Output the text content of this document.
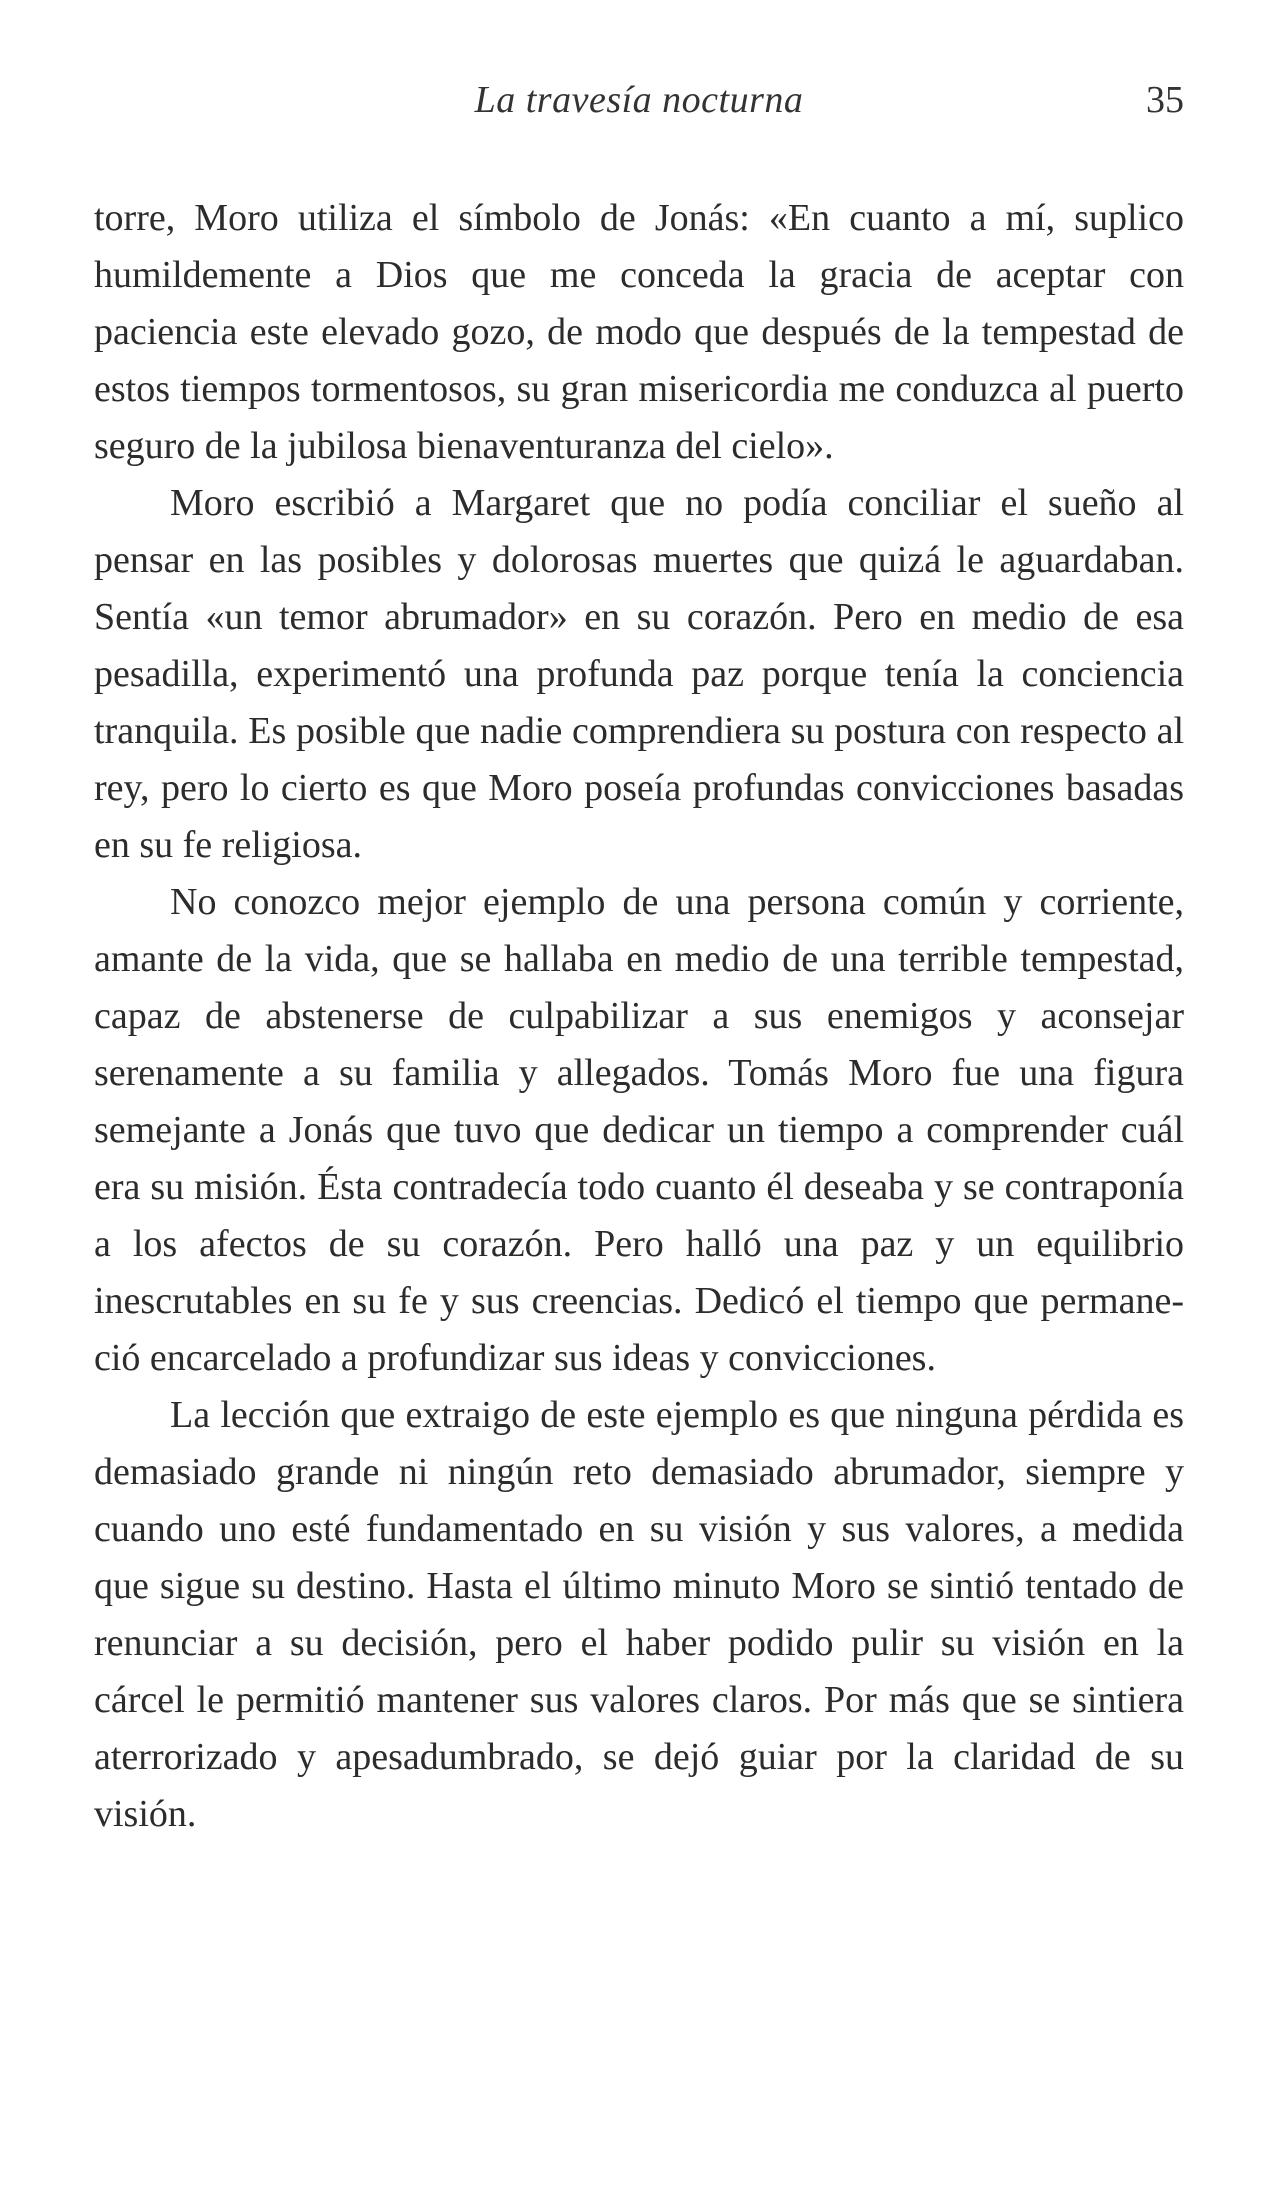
La travesía nocturna	35

torre, Moro utiliza el símbolo de Jonás: «En cuanto a mí, suplico humildemente a Dios que me conceda la gracia de aceptar con paciencia este elevado gozo, de modo que después de la tempestad de estos tiempos tormentosos, su gran misericordia me conduzca al puerto seguro de la jubilosa bienaventuranza del cielo».

Moro escribió a Margaret que no podía conciliar el sueño al pensar en las posibles y dolorosas muertes que quizá le aguardaban. Sentía «un temor abrumador» en su corazón. Pero en medio de esa pesadilla, experimentó una profunda paz porque tenía la conciencia tranquila. Es posible que nadie comprendiera su postura con respecto al rey, pero lo cierto es que Moro poseía profundas convicciones basadas en su fe religiosa.

No conozco mejor ejemplo de una persona común y corriente, amante de la vida, que se hallaba en medio de una terrible tempestad, capaz de abstenerse de culpabilizar a sus enemigos y aconsejar serenamente a su familia y allegados. Tomás Moro fue una figura semejante a Jonás que tuvo que dedicar un tiempo a comprender cuál era su misión. Ésta contradecía todo cuanto él deseaba y se contraponía a los afectos de su corazón. Pero halló una paz y un equilibrio inescrutables en su fe y sus creencias. Dedicó el tiempo que permaneció encarcelado a profundizar sus ideas y convicciones.

La lección que extraigo de este ejemplo es que ninguna pérdida es demasiado grande ni ningún reto demasiado abrumador, siempre y cuando uno esté fundamentado en su visión y sus valores, a medida que sigue su destino. Hasta el último minuto Moro se sintió tentado de renunciar a su decisión, pero el haber podido pulir su visión en la cárcel le permitió mantener sus valores claros. Por más que se sintiera aterrorizado y apesadumbrado, se dejó guiar por la claridad de su visión.
